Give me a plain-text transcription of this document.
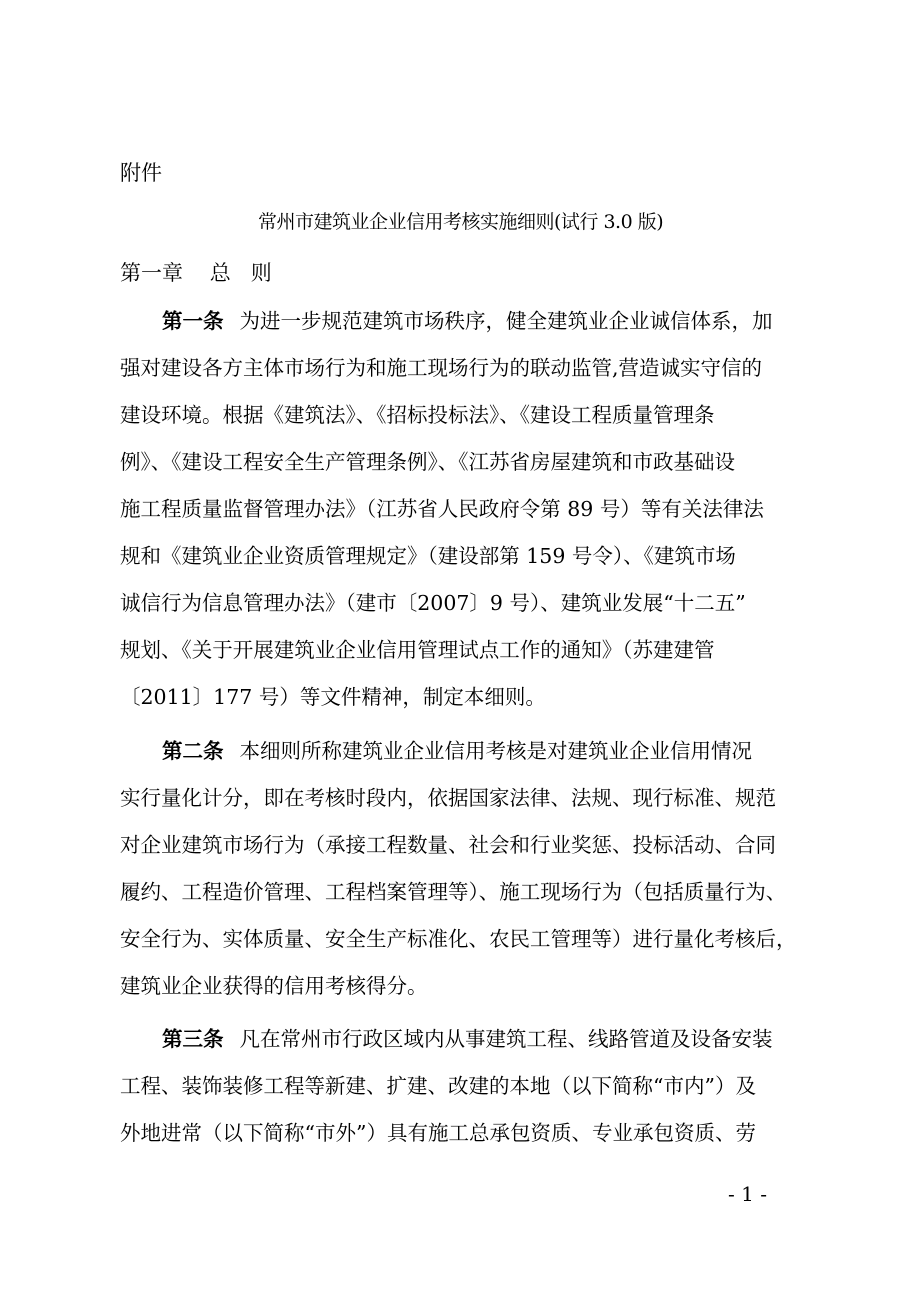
附件
常州市建筑业企业信用考核实施细则(试行 3.0 版)
第一章    总   则
第一条 为进一步规范建筑市场秩序，健全建筑业企业诚信体系，加
强对建设各方主体市场行为和施工现场行为的联动监管,营造诚实守信的
建设环境。根据《建筑法》、《招标投标法》、《建设工程质量管理条
例》、《建设工程安全生产管理条例》、《江苏省房屋建筑和市政基础设
施工程质量监督管理办法》（江苏省人民政府令第 89 号）等有关法律法
规和《建筑业企业资质管理规定》（建设部第 159 号令）、《建筑市场
诚信行为信息管理办法》（建市〔2007〕9 号）、建筑业发展“十二五”
规划、《关于开展建筑业企业信用管理试点工作的通知》（苏建建管
〔2011〕177 号）等文件精神，制定本细则。
第二条 本细则所称建筑业企业信用考核是对建筑业企业信用情况
实行量化计分，即在考核时段内，依据国家法律、法规、现行标准、规范
对企业建筑市场行为（承接工程数量、社会和行业奖惩、投标活动、合同
履约、工程造价管理、工程档案管理等）、施工现场行为（包括质量行为、
安全行为、实体质量、安全生产标准化、农民工管理等）进行量化考核后，
建筑业企业获得的信用考核得分。
第三条 凡在常州市行政区域内从事建筑工程、线路管道及设备安装
工程、装饰装修工程等新建、扩建、改建的本地（以下简称“市内”）及
外地进常（以下简称“市外”）具有施工总承包资质、专业承包资质、劳
- 1 -
